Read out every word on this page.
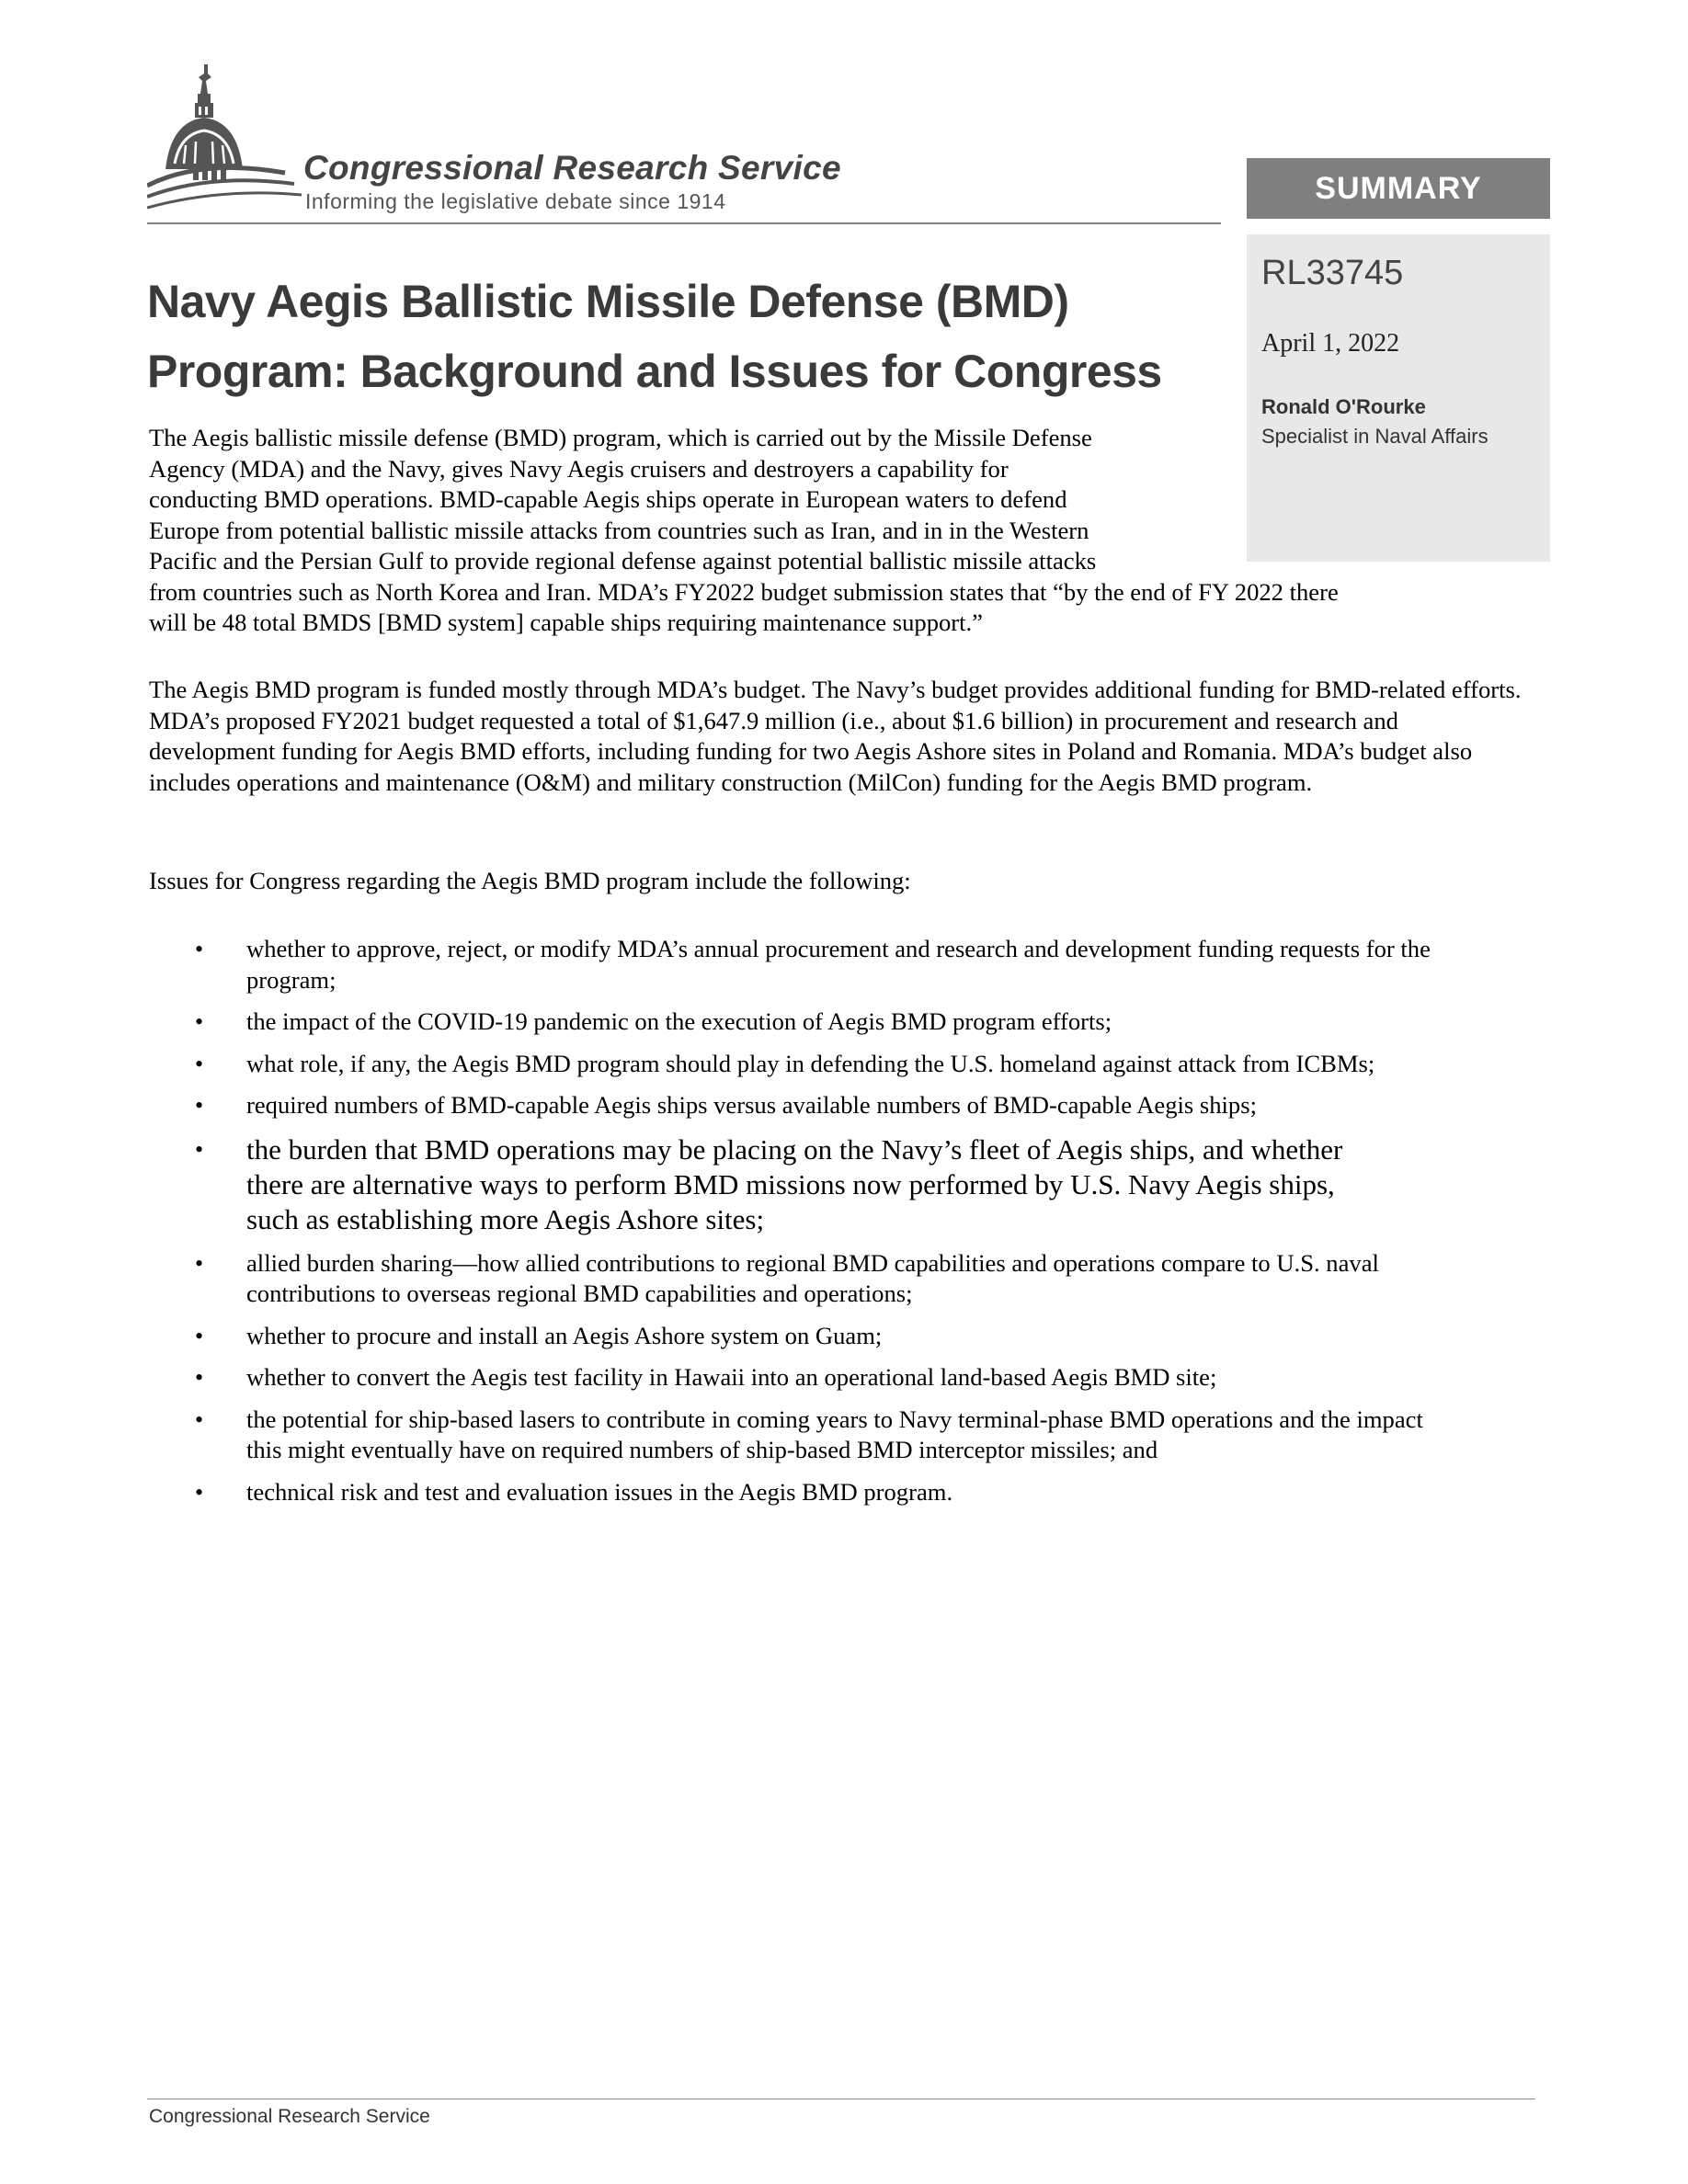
Congressional Research Service
Informing the legislative debate since 1914	SUMMARY
RL33745
April 1, 2022
Ronald O'Rourke
Specialist in Naval Affairs
Navy Aegis Ballistic Missile Defense (BMD)
Program: Background and Issues for Congress

The Aegis ballistic missile defense (BMD) program, which is carried out by the Missile Defense
Agency (MDA) and the Navy, gives Navy Aegis cruisers and destroyers a capability for
conducting BMD operations. BMD-capable Aegis ships operate in European waters to defend
Europe from potential ballistic missile attacks from countries such as Iran, and in in the Western
Pacific and the Persian Gulf to provide regional defense against potential ballistic missile attacks
from countries such as North Korea and Iran. MDA’s FY2022 budget submission states that “by the end of FY 2022 there
will be 48 total BMDS [BMD system] capable ships requiring maintenance support.”

The Aegis BMD program is funded mostly through MDA’s budget. The Navy’s budget provides additional funding for BMD-related efforts. MDA’s proposed FY2021 budget requested a total of $1,647.9 million (i.e., about $1.6 billion) in procurement and research and development funding for Aegis BMD efforts, including funding for two Aegis Ashore sites in Poland and Romania. MDA’s budget also includes operations and maintenance (O&M) and military construction (MilCon) funding for the Aegis BMD program.

Issues for Congress regarding the Aegis BMD program include the following:

• whether to approve, reject, or modify MDA’s annual procurement and research and development funding requests for the program;
• the impact of the COVID-19 pandemic on the execution of Aegis BMD program efforts;
• what role, if any, the Aegis BMD program should play in defending the U.S. homeland against attack from ICBMs;
• required numbers of BMD-capable Aegis ships versus available numbers of BMD-capable Aegis ships;
• the burden that BMD operations may be placing on the Navy’s fleet of Aegis ships, and whether there are alternative ways to perform BMD missions now performed by U.S. Navy Aegis ships, such as establishing more Aegis Ashore sites;
• allied burden sharing—how allied contributions to regional BMD capabilities and operations compare to U.S. naval contributions to overseas regional BMD capabilities and operations;
• whether to procure and install an Aegis Ashore system on Guam;
• whether to convert the Aegis test facility in Hawaii into an operational land-based Aegis BMD site;
• the potential for ship-based lasers to contribute in coming years to Navy terminal-phase BMD operations and the impact this might eventually have on required numbers of ship-based BMD interceptor missiles; and
• technical risk and test and evaluation issues in the Aegis BMD program.
Congressional Research Service
